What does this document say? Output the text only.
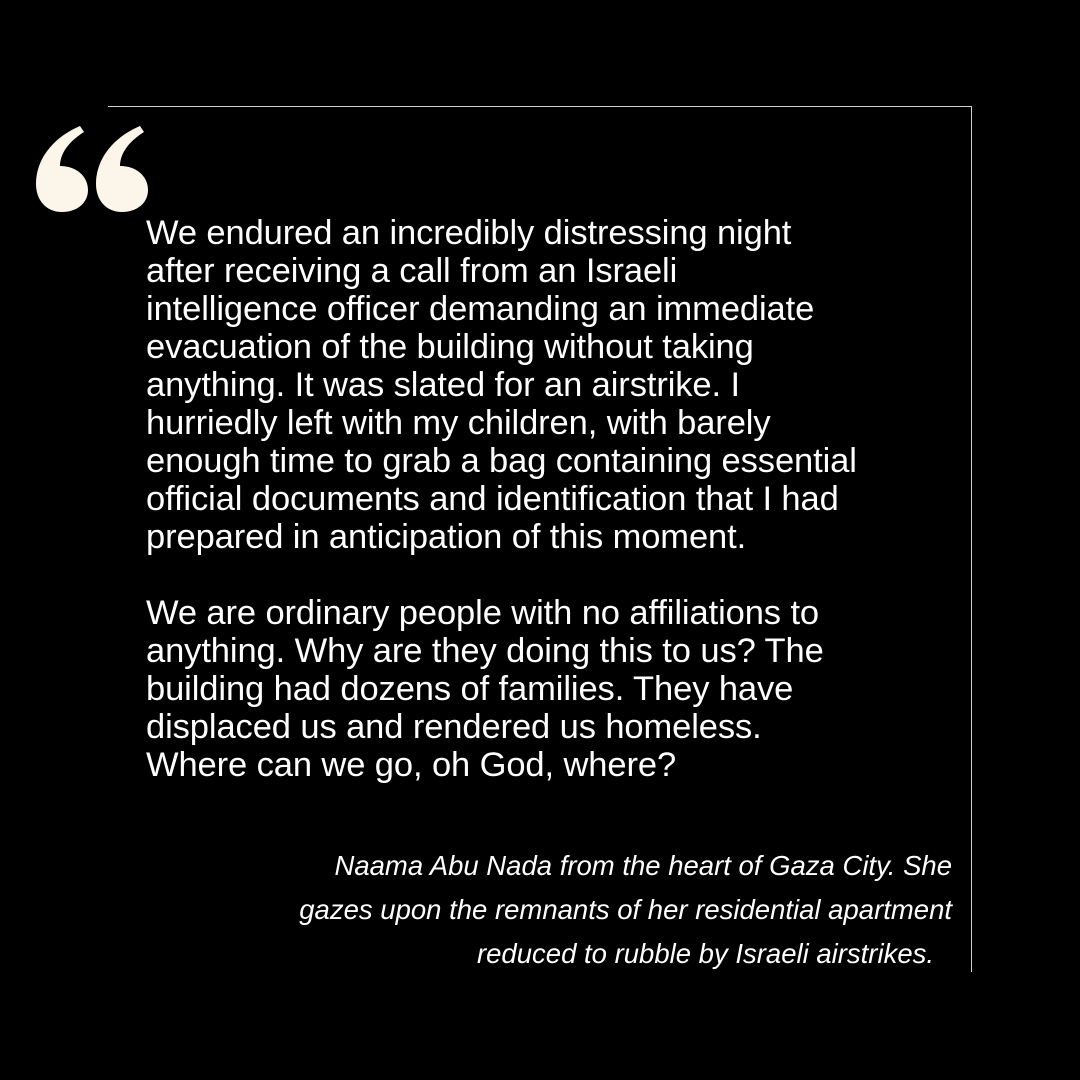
We endured an incredibly distressing night
after receiving a call from an Israeli
intelligence officer demanding an immediate
evacuation of the building without taking
anything. It was slated for an airstrike. I
hurriedly left with my children, with barely
enough time to grab a bag containing essential
official documents and identification that I had
prepared in anticipation of this moment.

We are ordinary people with no affiliations to
anything. Why are they doing this to us? The
building had dozens of families. They have
displaced us and rendered us homeless.
Where can we go, oh God, where?

Naama Abu Nada from the heart of Gaza City. She
gazes upon the remnants of her residential apartment
reduced to rubble by Israeli airstrikes.
